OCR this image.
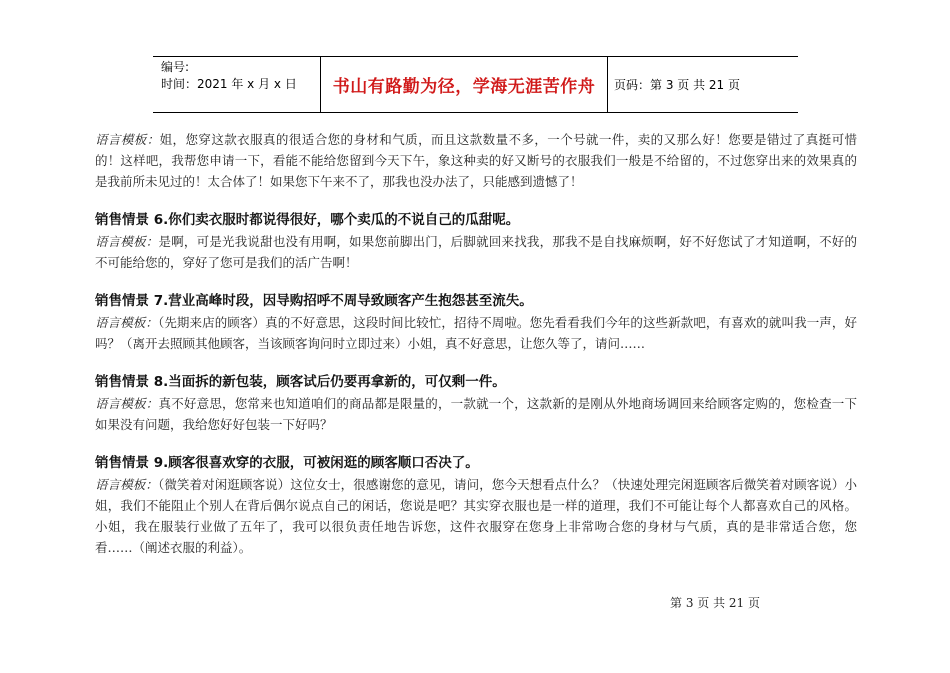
编号:
时间：2021 年 x 月 x 日	书山有路勤为径，学海无涯苦作舟	页码：第 3 页 共 21 页

语言模板：姐，您穿这款衣服真的很适合您的身材和气质，而且这款数量不多，一个号就一件，卖的又那么好！您要是错过了真挺可惜的！这样吧，我帮您申请一下，看能不能给您留到今天下午，象这种卖的好又断号的衣服我们一般是不给留的，不过您穿出来的效果真的是我前所未见过的！太合体了！如果您下午来不了，那我也没办法了，只能感到遗憾了！

销售情景 6.你们卖衣服时都说得很好，哪个卖瓜的不说自己的瓜甜呢。

语言模板：是啊，可是光我说甜也没有用啊，如果您前脚出门，后脚就回来找我，那我不是自找麻烦啊，好不好您试了才知道啊，不好的不可能给您的，穿好了您可是我们的活广告啊！

销售情景 7.营业高峰时段，因导购招呼不周导致顾客产生抱怨甚至流失。

语言模板：（先期来店的顾客）真的不好意思，这段时间比较忙，招待不周啦。您先看看我们今年的这些新款吧，有喜欢的就叫我一声，好吗？（离开去照顾其他顾客，当该顾客询问时立即过来）小姐，真不好意思，让您久等了，请问……

销售情景 8.当面拆的新包装，顾客试后仍要再拿新的，可仅剩一件。

语言模板：真不好意思，您常来也知道咱们的商品都是限量的，一款就一个，这款新的是刚从外地商场调回来给顾客定购的，您检查一下如果没有问题，我给您好好包装一下好吗？

销售情景 9.顾客很喜欢穿的衣服，可被闲逛的顾客顺口否决了。

语言模板：（微笑着对闲逛顾客说）这位女士，很感谢您的意见，请问，您今天想看点什么？（快速处理完闲逛顾客后微笑着对顾客说）小姐，我们不能阻止个别人在背后偶尔说点自己的闲话，您说是吧？其实穿衣服也是一样的道理，我们不可能让每个人都喜欢自己的风格。小姐，我在服装行业做了五年了，我可以很负责任地告诉您，这件衣服穿在您身上非常吻合您的身材与气质，真的是非常适合您，您看……（阐述衣服的利益）。

第 3 页 共 21 页
